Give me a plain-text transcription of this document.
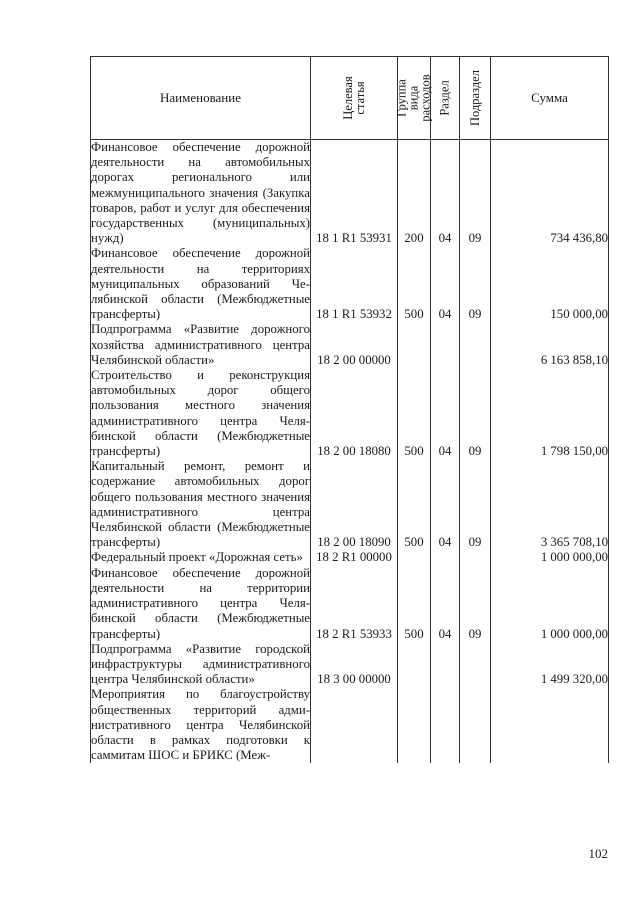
Наименование	Целевая статья	Группа вида расходов	Раздел	Подраздел	Сумма
Финансовое обеспечение дорожной деятельности на автомобильных дорогах регионального или межмуниципального значения (Закупка товаров, работ и услуг для обеспечения государственных (муниципальных) нужд)	18 1 R1 53931	200	04	09	734 436,80
Финансовое обеспечение дорожной деятельности на территориях муниципальных образований Челябинской области (Межбюджетные трансферты)	18 1 R1 53932	500	04	09	150 000,00
Подпрограмма «Развитие дорожного хозяйства административного центра Челябинской области»	18 2 00 00000				6 163 858,10
Строительство и реконструкция автомобильных дорог общего пользования местного значения административного центра Челябинской области (Межбюджетные трансферты)	18 2 00 18080	500	04	09	1 798 150,00
Капитальный ремонт, ремонт и содержание автомобильных дорог общего пользования местного значения административного центра Челябинской области (Межбюджетные трансферты)	18 2 00 18090	500	04	09	3 365 708,10
Федеральный проект «Дорожная сеть»	18 2 R1 00000				1 000 000,00
Финансовое обеспечение дорожной деятельности на территории административного центра Челябинской области (Межбюджетные трансферты)	18 2 R1 53933	500	04	09	1 000 000,00
Подпрограмма «Развитие городской инфраструктуры административного центра Челябинской области»	18 3 00 00000				1 499 320,00
Мероприятия по благоустройству общественных территорий административного центра Челябинской области в рамках подготовки к саммитам ШОС и БРИКС (Меж-					
102
